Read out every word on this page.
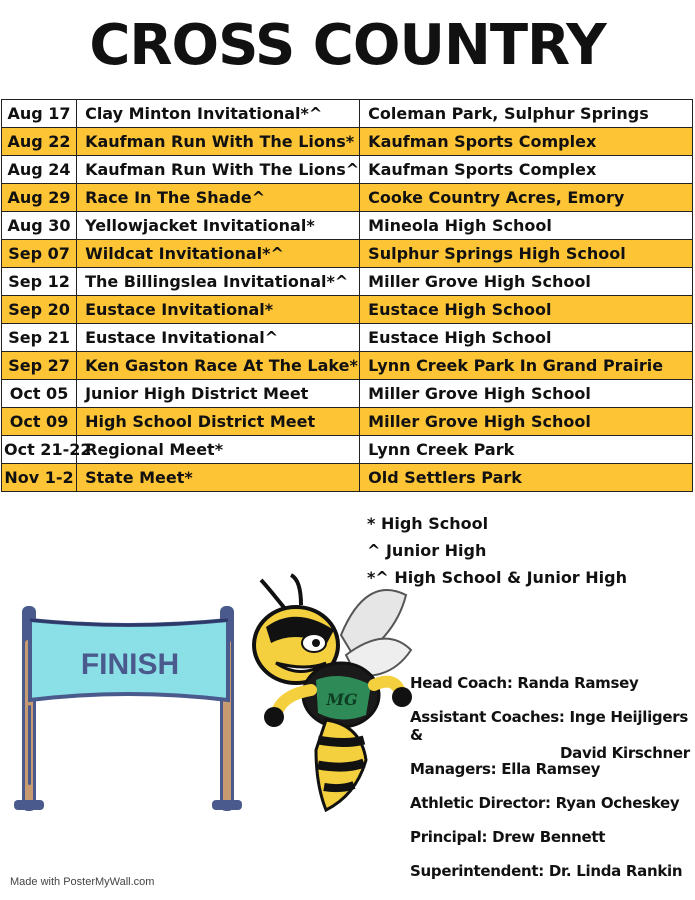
CROSS COUNTRY
Aug 17	Clay Minton Invitational*^	Coleman Park, Sulphur Springs
Aug 22	Kaufman Run With The Lions*	Kaufman Sports Complex
Aug 24	Kaufman Run With The Lions^	Kaufman Sports Complex
Aug 29	Race In The Shade^	Cooke Country Acres, Emory
Aug 30	Yellowjacket Invitational*	Mineola High School
Sep 07	Wildcat Invitational*^	Sulphur Springs High School
Sep 12	The Billingslea Invitational*^	Miller Grove High School
Sep 20	Eustace Invitational*	Eustace High School
Sep 21	Eustace Invitational^	Eustace High School
Sep 27	Ken Gaston Race At The Lake*	Lynn Creek Park In Grand Prairie
Oct 05	Junior High District Meet	Miller Grove High School
Oct 09	High School District Meet	Miller Grove High School
Oct 21-22	Regional Meet*	Lynn Creek Park
Nov 1-2	State Meet*	Old Settlers Park
* High School
^ Junior High
*^ High School & Junior High
FINISH
MG
Head Coach: Randa Ramsey
Assistant Coaches: Inge Heijligers &
David Kirschner
Managers: Ella Ramsey
Athletic Director: Ryan Ocheskey
Principal: Drew Bennett
Superintendent: Dr. Linda Rankin
Made with PosterMyWall.com
